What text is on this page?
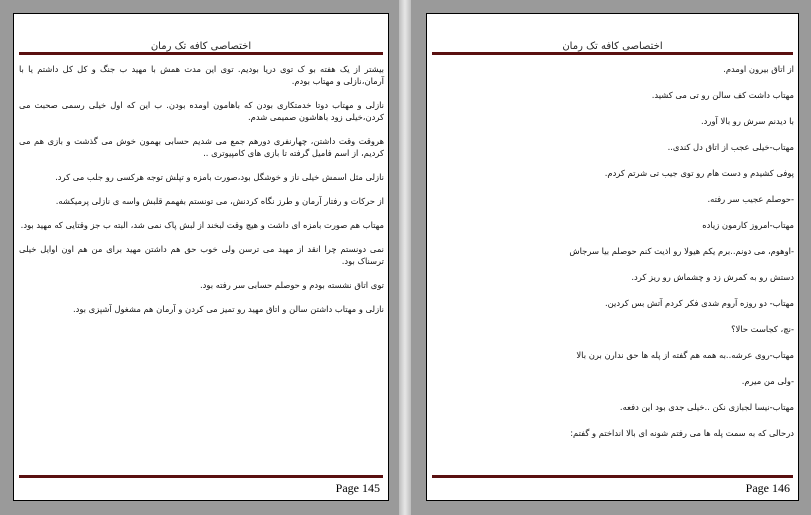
اختصاصی کافه تک رمان

بیشتر از یک هفته بو ک توی دریا بودیم. توی این مدت همش با مهید ب جنگ و کل کل داشتم یا با آرمان،نازلی و مهتاب بودم.

نازلی و مهتاب دوتا خدمتکاری بودن که باهامون اومده بودن. ب این که اول خیلی رسمی صحبت می کردن،خیلی زود باهاشون صمیمی شدم.

هروقت وقت داشتن، چهارنفری دورهم جمع می شدیم حسابی بهمون خوش می گذشت و بازی هم می کردیم، از اسم فامیل گرفته تا بازی های کامپیوتری ..

نازلی مثل اسمش خیلی ناز و خوشگل بود،صورت بامزه و تپلش توجه هرکسی رو جلب می کرد.

از حرکات و رفتار آرمان و طرز نگاه کردنش، می تونستم بفهمم قلبش واسه ی نازلی پرمیکشه.

مهتاب هم صورت بامزه ای داشت و هیچ وقت لبخند از لبش پاک نمی شد، البته ب جز وقتایی که مهید بود.

نمی دونستم چرا انقد از مهید می ترسن ولی خوب حق هم داشتن مهید برای من هم اون اوایل خیلی ترسناک بود.

توی اتاق نشسته بودم و حوصلم حسابی سر رفته بود.

نازلی و مهتاب داشتن سالن و اتاق مهید رو تمیز می کردن و آرمان هم مشغول آشپزی بود.

Page 145
اختصاصی کافه تک رمان

از اتاق بیرون اومدم.

مهتاب داشت کف سالن رو تی می کشید.

با دیدنم سرش رو بالا آورد.

مهتاب-خیلی عجب از اتاق دل کندی..

پوفی کشیدم و دست هام رو توی جیب تی شرتم کردم.

-حوصلم عجیب سر رفته.

مهتاب-امروز کارمون زیاده

-اوهوم، می دونم..برم یکم هیولا رو اذیت کنم حوصلم بیا سرجاش

دستش رو به کمرش زد و چشماش رو ریز کرد.

مهتاب- دو روزه آروم شدی فکر کردم آتش بس کردین.

-نچ، کجاست حالا؟

مهتاب-روی عرشه..به همه هم گفته از پله ها حق ندارن برن بالا

-ولی من میرم.

مهتاب-نیسا لجبازی نکن ..خیلی جدی بود این دفعه.

درحالی که به سمت پله ها می رفتم شونه ای بالا انداختم و گفتم:

Page 146
